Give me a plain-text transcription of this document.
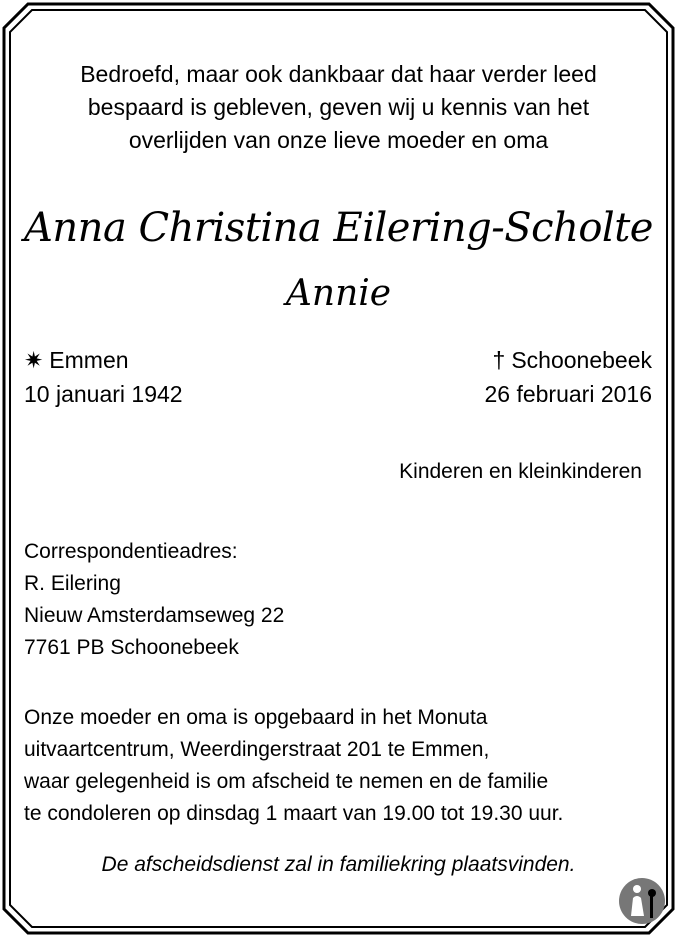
Bedroefd, maar ook dankbaar dat haar verder leed
bespaard is gebleven, geven wij u kennis van het
overlijden van onze lieve moeder en oma
Anna Christina Eilering-Scholte
Annie
✷ Emmen
10 januari 1942
† Schoonebeek
26 februari 2016
Kinderen en kleinkinderen
Correspondentieadres:
R. Eilering
Nieuw Amsterdamseweg 22
7761 PB Schoonebeek
Onze moeder en oma is opgebaard in het Monuta
uitvaartcentrum, Weerdingerstraat 201 te Emmen,
waar gelegenheid is om afscheid te nemen en de familie
te condoleren op dinsdag 1 maart van 19.00 tot 19.30 uur.
De afscheidsdienst zal in familiekring plaatsvinden.
